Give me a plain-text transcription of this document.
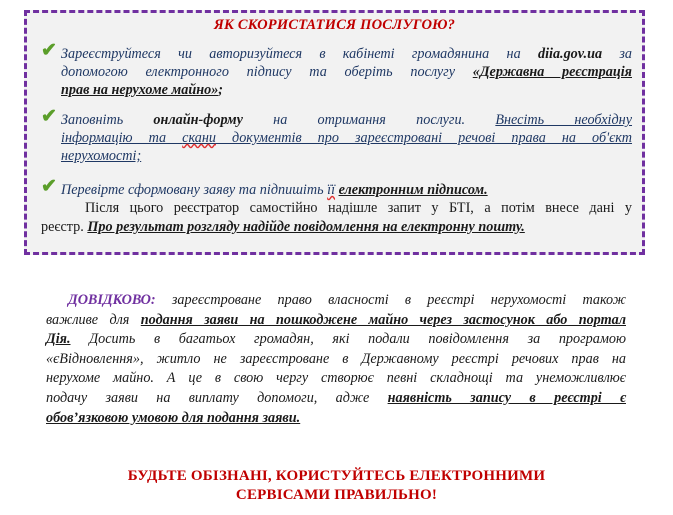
ЯК СКОРИСТАТИСЯ ПОСЛУГОЮ?
✔ Зареєструйтеся чи авторизуйтеся в кабінеті громадянина на diia.gov.ua за
допомогою електронного підпису та оберіть послугу «Державна реєстрація
прав на нерухоме майно»;
✔ Заповніть онлайн-форму на отримання послуги. Внесіть необхідну
інформацію та скани документів про зареєстровані речові права на об'єкт
нерухомості;
✔ Перевірте сформовану заяву та підпишіть її електронним підписом.
Після цього реєстратор самостійно надішле запит у БТІ, а потім внесе дані у
реєстр. Про результат розгляду надійде повідомлення на електронну пошту.
ДОВІДКОВО: зареєстроване право власності в реєстрі нерухомості також
важливе для подання заяви на пошкоджене майно через застосунок або портал
Дія. Досить в багатьох громадян, які подали повідомлення за програмою
«єВідновлення», житло не зареєстроване в Державному реєстрі речових прав на
нерухоме майно. А це в свою чергу створює певні складнощі та унеможливлює
подачу заяви на виплату допомоги, адже наявність запису в реєстрі є
обов’язковою умовою для подання заяви.
БУДЬТЕ ОБІЗНАНІ, КОРИСТУЙТЕСЬ ЕЛЕКТРОННИМИ
СЕРВІСАМИ ПРАВИЛЬНО!
